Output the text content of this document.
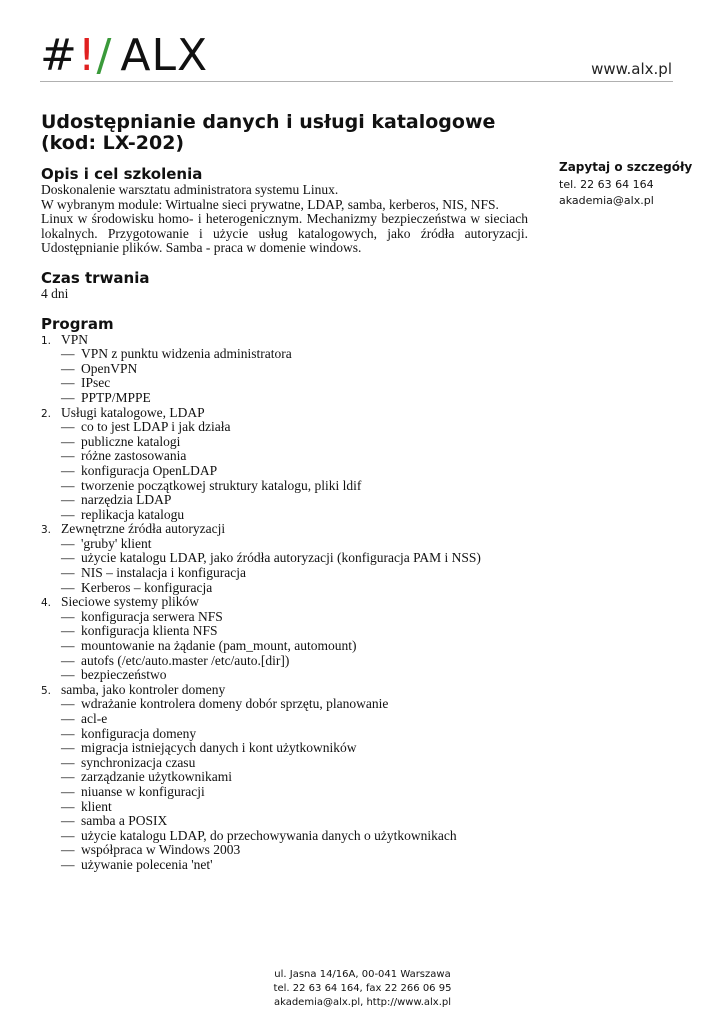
#!/ ALX	www.alx.pl
Udostępnianie danych i usługi katalogowe (kod: LX-202)
Zapytaj o szczegóły
tel. 22 63 64 164
akademia@alx.pl
Opis i cel szkolenia

Doskonalenie warsztatu administratora systemu Linux.

W wybranym module: Wirtualne sieci prywatne, LDAP, samba, kerberos, NIS, NFS.

Linux w środowisku homo- i heterogenicznym. Mechanizmy bezpieczeństwa w sieciach lokalnych. Przygotowanie i użycie usług katalogowych, jako źródła autoryzacji. Udostępnianie plików. Samba - praca w domenie windows.

Czas trwania

4 dni

Program
1. VPN
— VPN z punktu widzenia administratora
— OpenVPN
— IPsec
— PPTP/MPPE
2. Usługi katalogowe, LDAP
— co to jest LDAP i jak działa
— publiczne katalogi
— różne zastosowania
— konfiguracja OpenLDAP
— tworzenie początkowej struktury katalogu, pliki ldif
— narzędzia LDAP
— replikacja katalogu
3. Zewnętrzne źródła autoryzacji
— 'gruby' klient
— użycie katalogu LDAP, jako źródła autoryzacji (konfiguracja PAM i NSS)
— NIS – instalacja i konfiguracja
— Kerberos – konfiguracja
4. Sieciowe systemy plików
— konfiguracja serwera NFS
— konfiguracja klienta NFS
— mountowanie na żądanie (pam_mount, automount)
— autofs (/etc/auto.master /etc/auto.[dir])
— bezpieczeństwo
5. samba, jako kontroler domeny
— wdrażanie kontrolera domeny dobór sprzętu, planowanie
— acl-e
— konfiguracja domeny
— migracja istniejących danych i kont użytkowników
— synchronizacja czasu
— zarządzanie użytkownikami
— niuanse w konfiguracji
— klient
— samba a POSIX
— użycie katalogu LDAP, do przechowywania danych o użytkownikach
— współpraca w Windows 2003
— używanie polecenia 'net'
ul. Jasna 14/16A, 00-041 Warszawa
tel. 22 63 64 164, fax 22 266 06 95
akademia@alx.pl, http://www.alx.pl
